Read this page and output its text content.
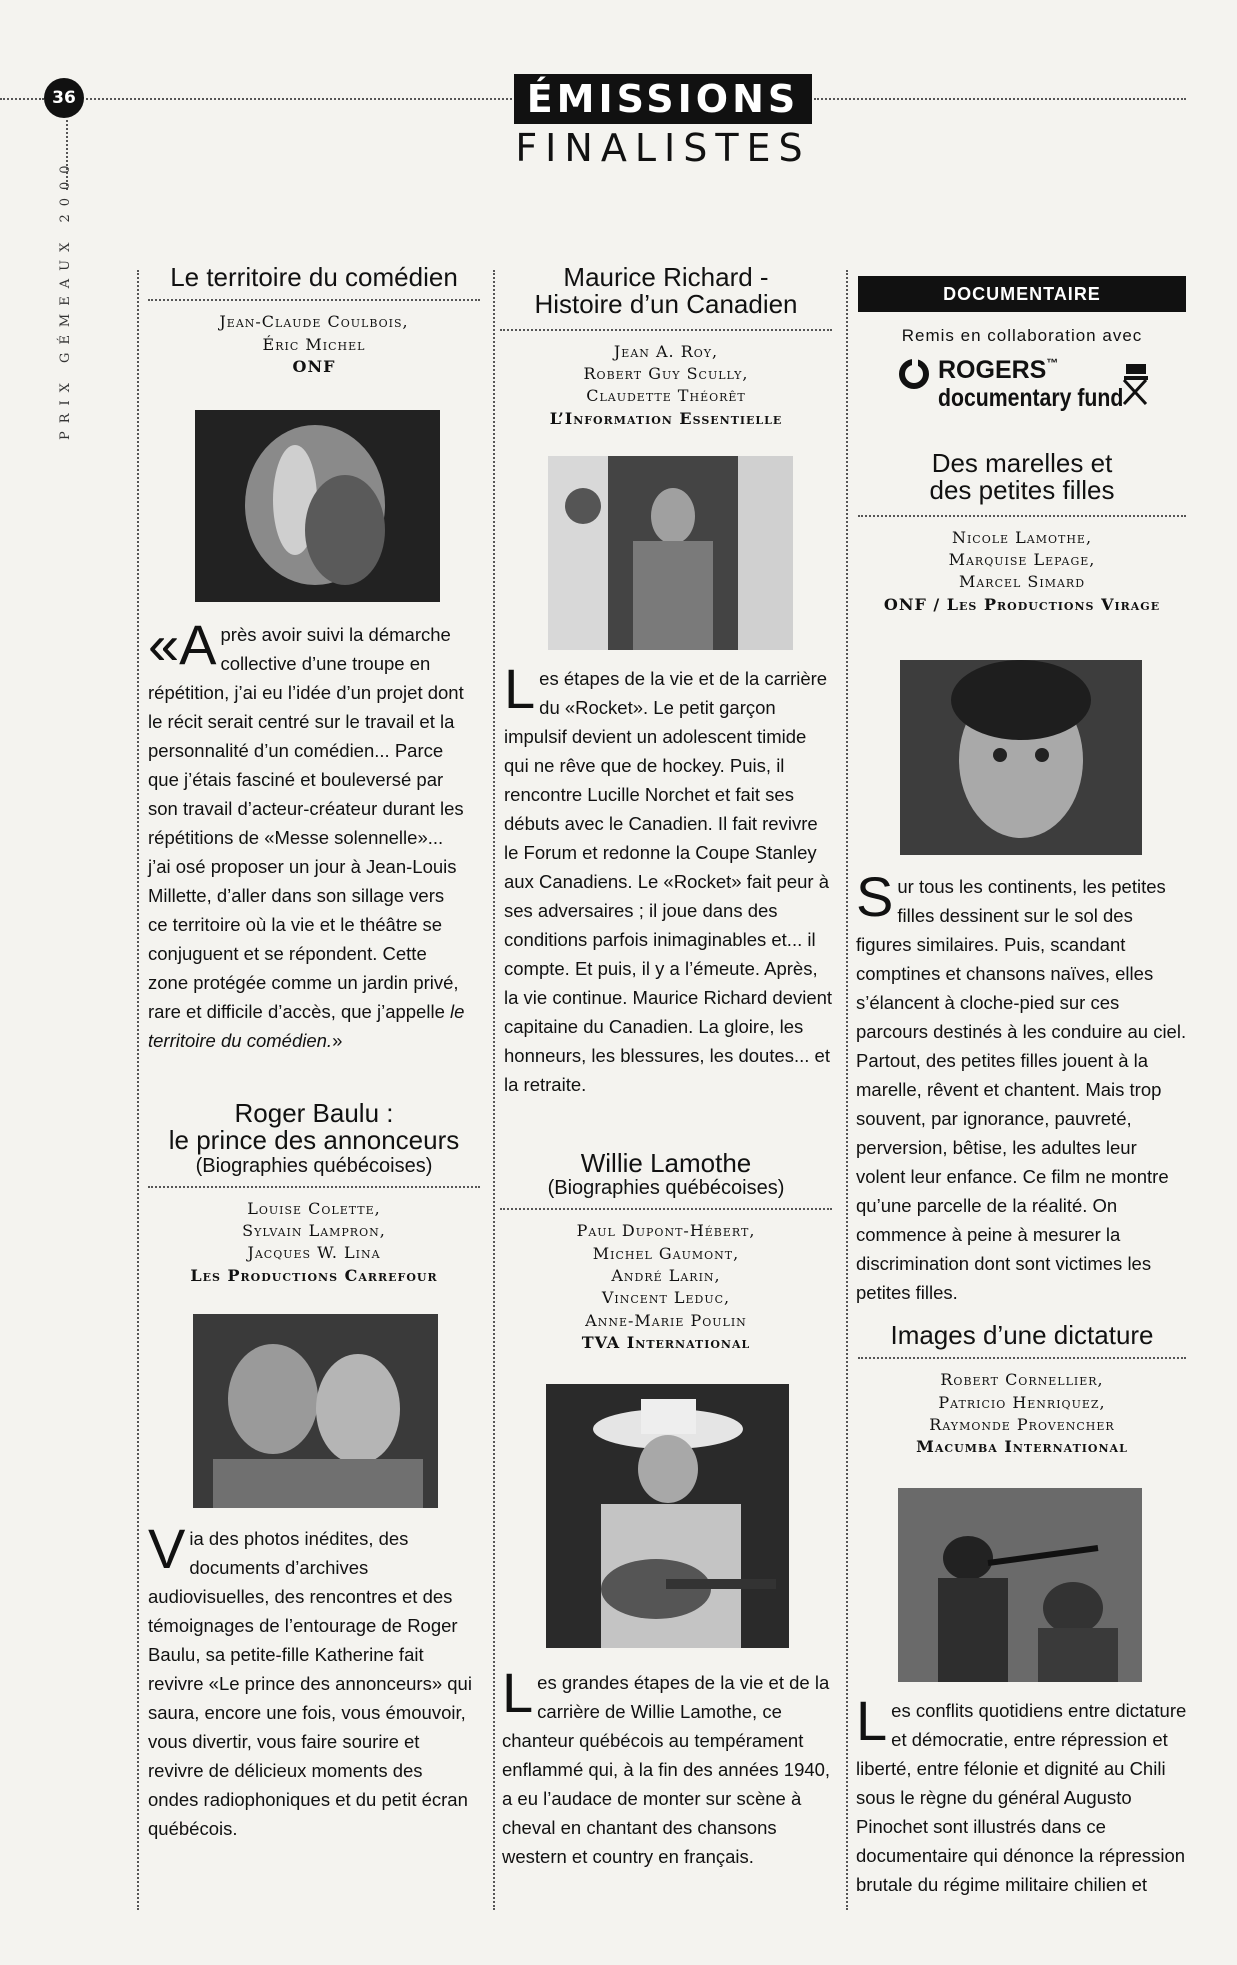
36
PRIX GÉMEAUX 2000
ÉMISSIONS
FINALISTES
Le territoire du comédien
Jean-Claude Coulbois,
Éric Michel
ONF

«Après avoir suivi la démarche collective d’une troupe en répétition, j’ai eu l’idée d’un projet dont le récit serait centré sur le travail et la personnalité d’un comédien... Parce que j’étais fasciné et bouleversé par son travail d’acteur-créateur durant les répétitions de «Messe solennelle»... j’ai osé proposer un jour à Jean-Louis Millette, d’aller dans son sillage vers ce territoire où la vie et le théâtre se conjuguent et se répondent. Cette zone protégée comme un jardin privé, rare et difficile d’accès, que j’appelle le territoire du comédien.»

Roger Baulu :
le prince des annonceurs
(Biographies québécoises)
Louise Colette,
Sylvain Lampron,
Jacques W. Lina
Les Productions Carrefour

Via des photos inédites, des documents d’archives audiovisuelles, des rencontres et des témoignages de l’entourage de Roger Baulu, sa petite-fille Katherine fait revivre «Le prince des annonceurs» qui saura, encore une fois, vous émouvoir, vous divertir, vous faire sourire et revivre de délicieux moments des ondes radiophoniques et du petit écran québécois.

Maurice Richard -
Histoire d’un Canadien
Jean A. Roy,
Robert Guy Scully,
Claudette Théorêt
L’Information Essentielle

Les étapes de la vie et de la carrière du «Rocket». Le petit garçon impulsif devient un adolescent timide qui ne rêve que de hockey. Puis, il rencontre Lucille Norchet et fait ses débuts avec le Canadien. Il fait revivre le Forum et redonne la Coupe Stanley aux Canadiens. Le «Rocket» fait peur à ses adversaires ; il joue dans des conditions parfois inimaginables et... il compte. Et puis, il y a l’émeute. Après, la vie continue. Maurice Richard devient capitaine du Canadien. La gloire, les honneurs, les blessures, les doutes... et la retraite.

Willie Lamothe
(Biographies québécoises)
Paul Dupont-Hébert,
Michel Gaumont,
André Larin,
Vincent Leduc,
Anne-Marie Poulin
TVA International

Les grandes étapes de la vie et de la carrière de Willie Lamothe, ce chanteur québécois au tempérament enflammé qui, à la fin des années 1940, a eu l’audace de monter sur scène à cheval en chantant des chansons western et country en français.

DOCUMENTAIRE
Remis en collaboration avec
ROGERS™
documentary fund
Des marelles et
des petites filles
Nicole Lamothe,
Marquise Lepage,
Marcel Simard
ONF / Les Productions Virage

Sur tous les continents, les petites filles dessinent sur le sol des figures similaires. Puis, scandant comptines et chansons naïves, elles s’élancent à cloche-pied sur ces parcours destinés à les conduire au ciel. Partout, des petites filles jouent à la marelle, rêvent et chantent. Mais trop souvent, par ignorance, pauvreté, perversion, bêtise, les adultes leur volent leur enfance. Ce film ne montre qu’une parcelle de la réalité. On commence à peine à mesurer la discrimination dont sont victimes les petites filles.

Images d’une dictature
Robert Cornellier,
Patricio Henriquez,
Raymonde Provencher
Macumba International

Les conflits quotidiens entre dictature et démocratie, entre répression et liberté, entre félonie et dignité au Chili sous le règne du général Augusto Pinochet sont illustrés dans ce documentaire qui dénonce la répression brutale du régime militaire chilien et
